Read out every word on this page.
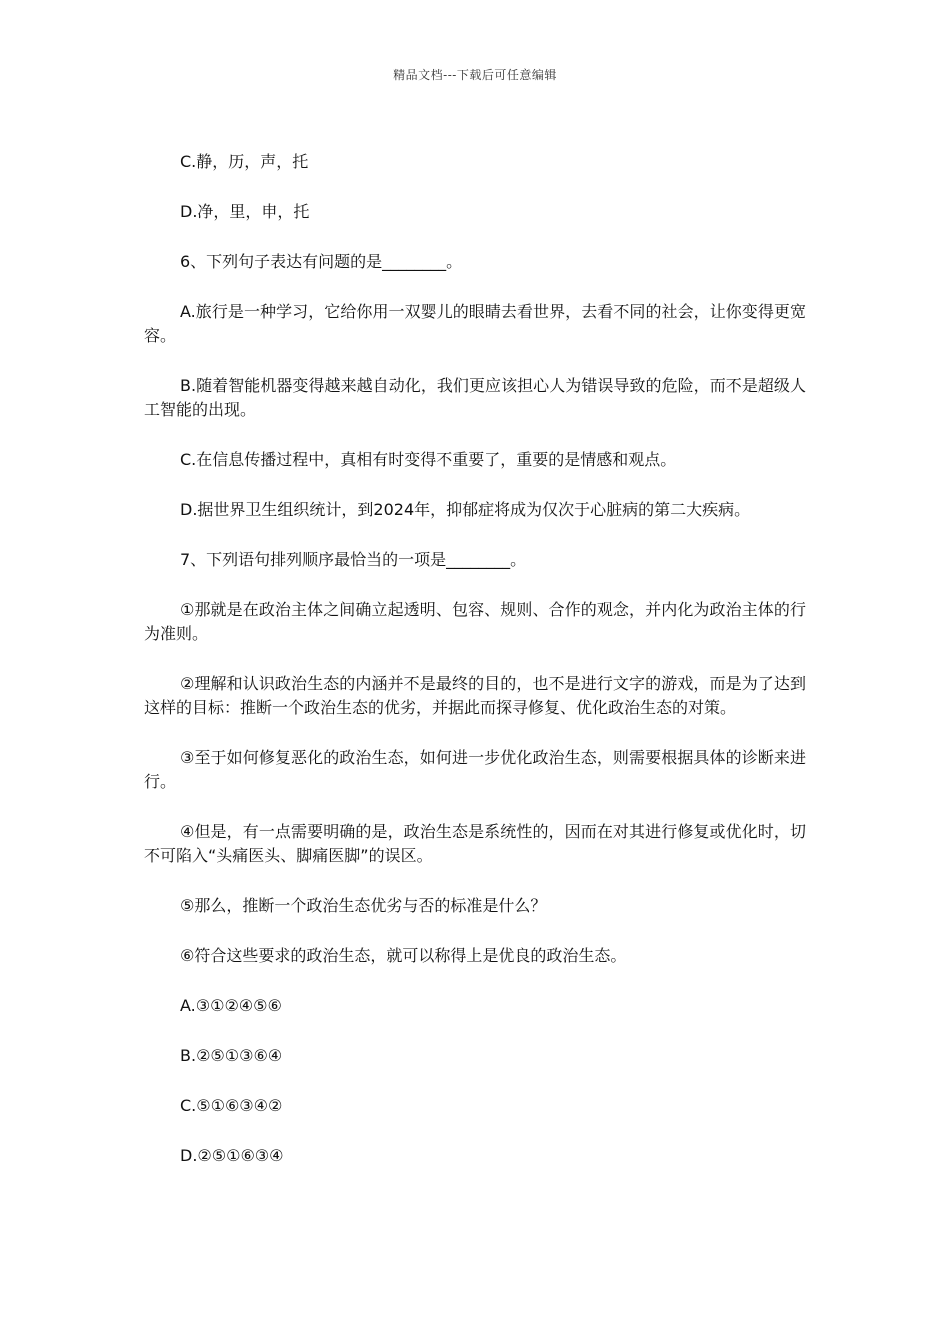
精品文档---下载后可任意编辑

C.静，历，声，托

D.净，里，申，托

6、下列句子表达有问题的是________。

A.旅行是一种学习，它给你用一双婴儿的眼睛去看世界，去看不同的社会，让你变得更宽容。

B.随着智能机器变得越来越自动化，我们更应该担心人为错误导致的危险，而不是超级人工智能的出现。

C.在信息传播过程中，真相有时变得不重要了，重要的是情感和观点。

D.据世界卫生组织统计，到2024年，抑郁症将成为仅次于心脏病的第二大疾病。

7、下列语句排列顺序最恰当的一项是________。

①那就是在政治主体之间确立起透明、包容、规则、合作的观念，并内化为政治主体的行为准则。

②理解和认识政治生态的内涵并不是最终的目的，也不是进行文字的游戏，而是为了达到这样的目标：推断一个政治生态的优劣，并据此而探寻修复、优化政治生态的对策。

③至于如何修复恶化的政治生态，如何进一步优化政治生态，则需要根据具体的诊断来进行。

④但是，有一点需要明确的是，政治生态是系统性的，因而在对其进行修复或优化时，切不可陷入“头痛医头、脚痛医脚”的误区。

⑤那么，推断一个政治生态优劣与否的标准是什么？

⑥符合这些要求的政治生态，就可以称得上是优良的政治生态。

A.③①②④⑤⑥

B.②⑤①③⑥④

C.⑤①⑥③④②

D.②⑤①⑥③④
